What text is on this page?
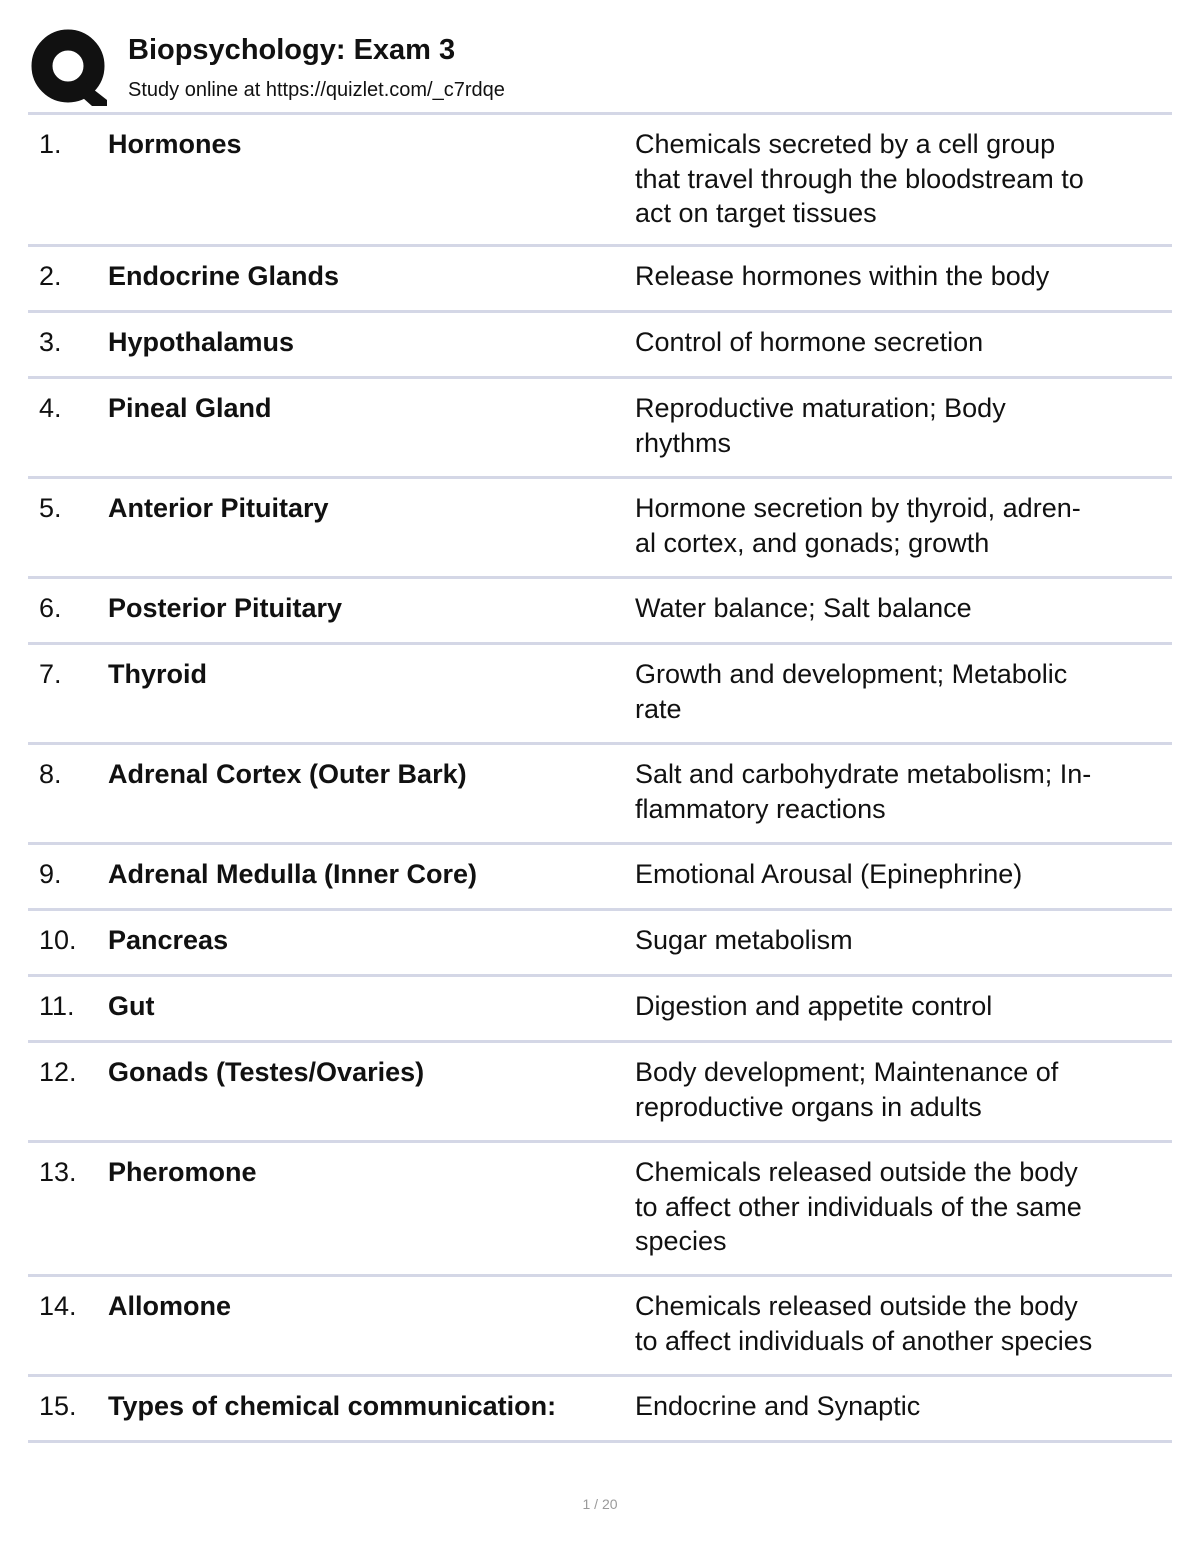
Biopsychology: Exam 3
Study online at https://quizlet.com/_c7rdqe
1. Hormones	Chemicals secreted by a cell group
that travel through the bloodstream to
act on target tissues
2. Endocrine Glands	Release hormones within the body
3. Hypothalamus	Control of hormone secretion
4. Pineal Gland	Reproductive maturation; Body
rhythms
5. Anterior Pituitary	Hormone secretion by thyroid, adren-
al cortex, and gonads; growth
6. Posterior Pituitary	Water balance; Salt balance
7. Thyroid	Growth and development; Metabolic
rate
8. Adrenal Cortex (Outer Bark)	Salt and carbohydrate metabolism; In-
flammatory reactions
9. Adrenal Medulla (Inner Core)	Emotional Arousal (Epinephrine)
10. Pancreas	Sugar metabolism
11. Gut	Digestion and appetite control
12. Gonads (Testes/Ovaries)	Body development; Maintenance of
reproductive organs in adults
13. Pheromone	Chemicals released outside the body
to affect other individuals of the same
species
14. Allomone	Chemicals released outside the body
to affect individuals of another species
15. Types of chemical communication:	Endocrine and Synaptic
1 / 20
